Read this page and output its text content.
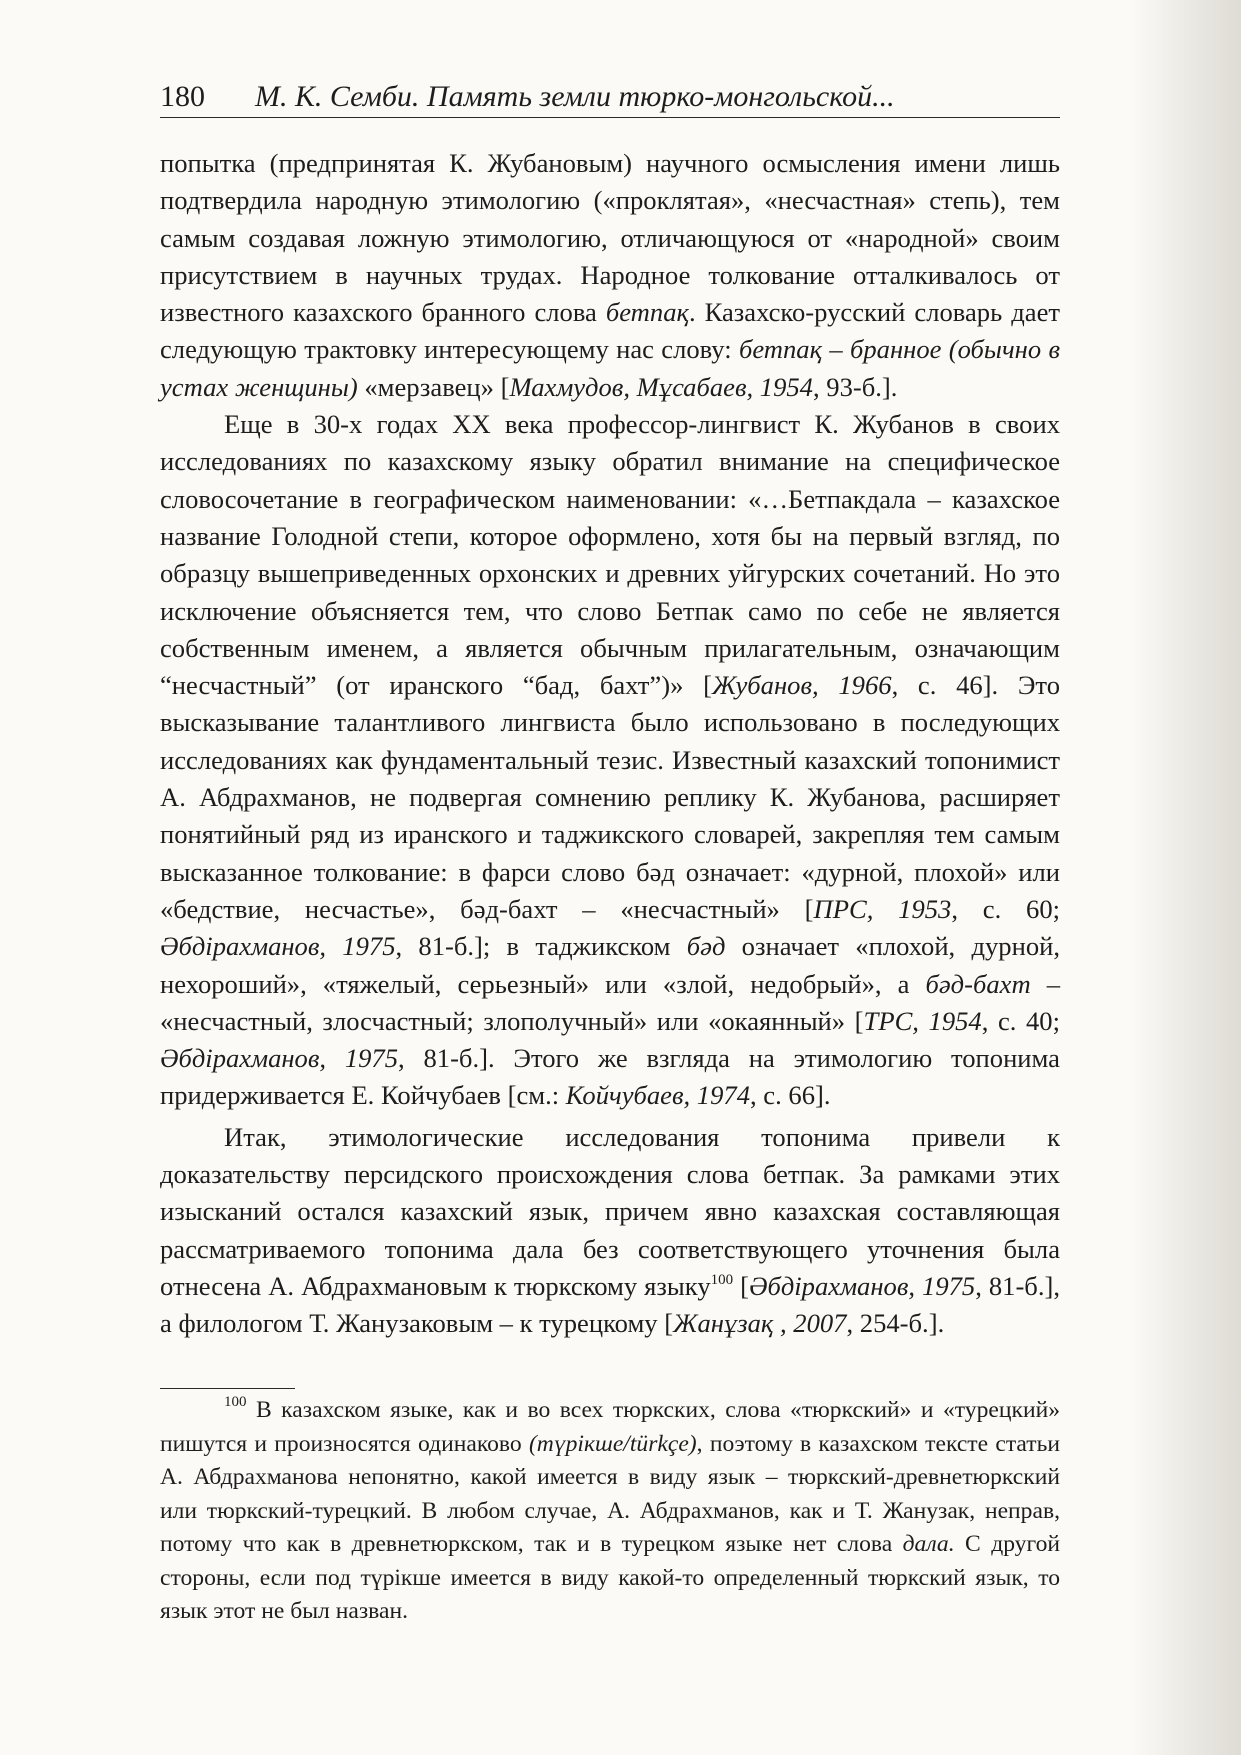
180	М. К. Семби. Память земли тюрко-монгольской...

попытка (предпринятая К. Жубановым) научного осмысления имени лишь подтвердила народную этимологию («проклятая», «несчастная» степь), тем самым создавая ложную этимологию, отличающуюся от «народной» своим присутствием в научных трудах. Народное толкование отталкивалось от известного казахского бранного слова бетпақ. Казахско-русский словарь дает следующую трактовку интересующему нас слову: бетпақ – бранное (обычно в устах женщины) «мерзавец» [Махмудов, Мұсабаев, 1954, 93-б.].

Еще в 30-х годах XX века профессор-лингвист К. Жубанов в своих исследованиях по казахскому языку обратил внимание на специфическое словосочетание в географическом наименовании: «…Бетпакдала – казахское название Голодной степи, которое оформлено, хотя бы на первый взгляд, по образцу вышеприведенных орхонских и древних уйгурских сочетаний. Но это исключение объясняется тем, что слово Бетпак само по себе не является собственным именем, а является обычным прилагательным, означающим “несчастный” (от иранского “бад, бахт”)» [Жубанов, 1966, с. 46]. Это высказывание талантливого лингвиста было использовано в последующих исследованиях как фундаментальный тезис. Известный казахский топонимист А. Абдрахманов, не подвергая сомнению реплику К. Жубанова, расширяет понятийный ряд из иранского и таджикского словарей, закрепляя тем самым высказанное толкование: в фарси слово бәд означает: «дурной, плохой» или «бедствие, несчастье», бәд-бахт – «несчастный» [ПРС, 1953, с. 60; Әбдірахманов, 1975, 81-б.]; в таджикском бәд означает «плохой, дурной, нехороший», «тяжелый, серьезный» или «злой, недобрый», а бәд-бахт – «несчастный, злосчастный; злополучный» или «окаянный» [ТРС, 1954, с. 40; Әбдірахманов, 1975, 81-б.]. Этого же взгляда на этимологию топонима придерживается Е. Койчубаев [см.: Койчубаев, 1974, с. 66].

Итак, этимологические исследования топонима привели к доказательству персидского происхождения слова бетпак. За рамками этих изысканий остался казахский язык, причем явно казахская составляющая рассматриваемого топонима дала без соответствующего уточнения была отнесена А. Абдрахмановым к тюркскому языку$^{100}$ [Әбдірахманов, 1975, 81-б.], а филологом Т. Жанузаковым – к турецкому [Жанұзақ , 2007, 254-б.].

$^{100}$ В казахском языке, как и во всех тюркских, слова «тюркский» и «турецкий» пишутся и произносятся одинаково (түрікше/türkçe), поэтому в казахском тексте статьи А. Абдрахманова непонятно, какой имеется в виду язык – тюркский-древнетюркский или тюркский-турецкий. В любом случае, А. Абдрахманов, как и Т. Жанузак, неправ, потому что как в древнетюркском, так и в турецком языке нет слова дала. С другой стороны, если под түрікше имеется в виду какой-то определенный тюркский язык, то язык этот не был назван.
